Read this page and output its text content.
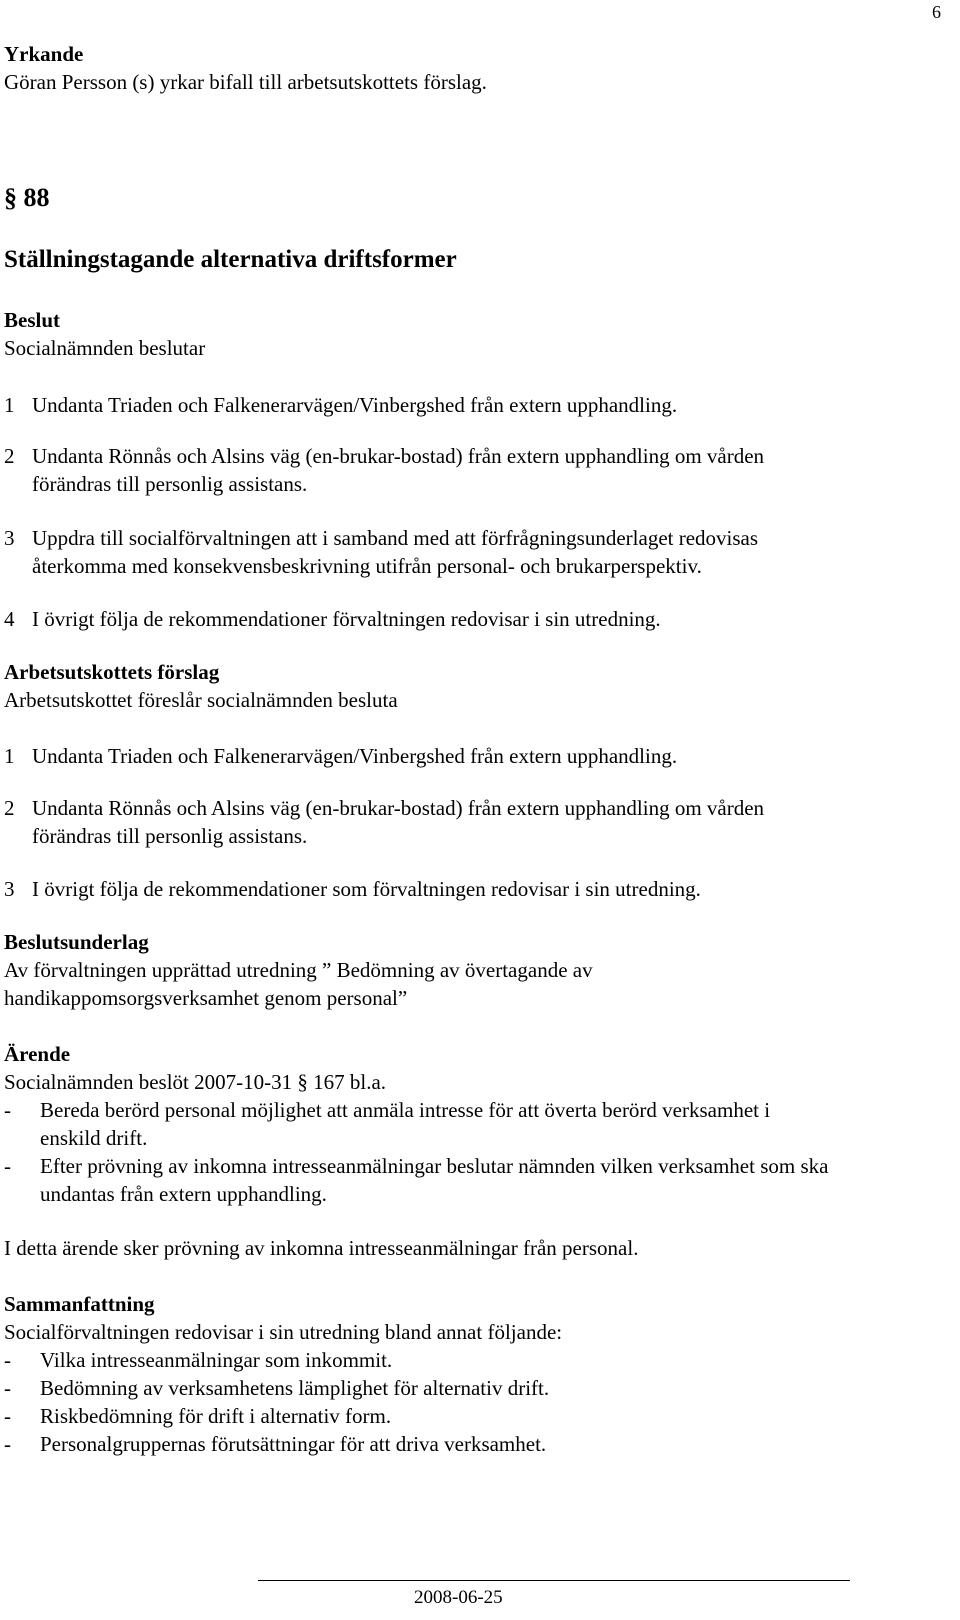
6
Yrkande
Göran Persson (s) yrkar bifall till arbetsutskottets förslag.
§ 88
Ställningstagande alternativa driftsformer
Beslut
Socialnämnden beslutar
1 Undanta Triaden och Falkenerarvägen/Vinbergshed från extern upphandling.
2 Undanta Rönnås och Alsins väg (en-brukar-bostad) från extern upphandling om vården
förändras till personlig assistans.
3 Uppdra till socialförvaltningen att i samband med att förfrågningsunderlaget redovisas
återkomma med konsekvensbeskrivning utifrån personal- och brukarperspektiv.
4 I övrigt följa de rekommendationer förvaltningen redovisar i sin utredning.
Arbetsutskottets förslag
Arbetsutskottet föreslår socialnämnden besluta
1 Undanta Triaden och Falkenerarvägen/Vinbergshed från extern upphandling.
2 Undanta Rönnås och Alsins väg (en-brukar-bostad) från extern upphandling om vården
förändras till personlig assistans.
3 I övrigt följa de rekommendationer som förvaltningen redovisar i sin utredning.
Beslutsunderlag
Av förvaltningen upprättad utredning ” Bedömning av övertagande av
handikappomsorgsverksamhet genom personal”
Ärende
Socialnämnden beslöt 2007-10-31 § 167 bl.a.
- Bereda berörd personal möjlighet att anmäla intresse för att överta berörd verksamhet i
enskild drift.
- Efter prövning av inkomna intresseanmälningar beslutar nämnden vilken verksamhet som ska
undantas från extern upphandling.
I detta ärende sker prövning av inkomna intresseanmälningar från personal.
Sammanfattning
Socialförvaltningen redovisar i sin utredning bland annat följande:
- Vilka intresseanmälningar som inkommit.
- Bedömning av verksamhetens lämplighet för alternativ drift.
- Riskbedömning för drift i alternativ form.
- Personalgruppernas förutsättningar för att driva verksamhet.
2008-06-25
